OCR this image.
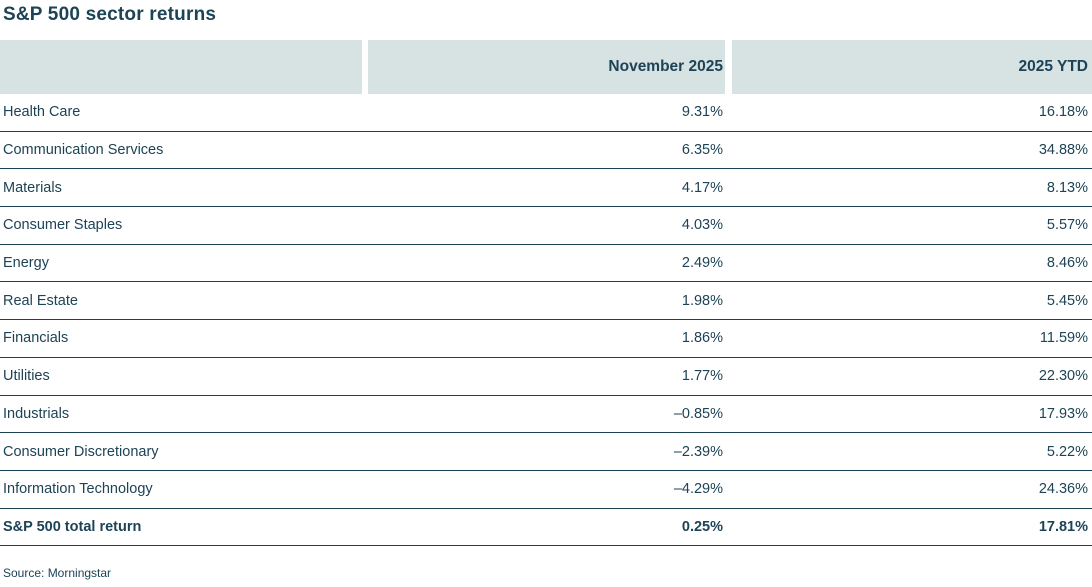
S&P 500 sector returns
November 2025	2025 YTD
Health Care	9.31%	16.18%
Communication Services	6.35%	34.88%
Materials	4.17%	8.13%
Consumer Staples	4.03%	5.57%
Energy	2.49%	8.46%
Real Estate	1.98%	5.45%
Financials	1.86%	11.59%
Utilities	1.77%	22.30%
Industrials	–0.85%	17.93%
Consumer Discretionary	–2.39%	5.22%
Information Technology	–4.29%	24.36%
S&P 500 total return	0.25%	17.81%
Source: Morningstar
